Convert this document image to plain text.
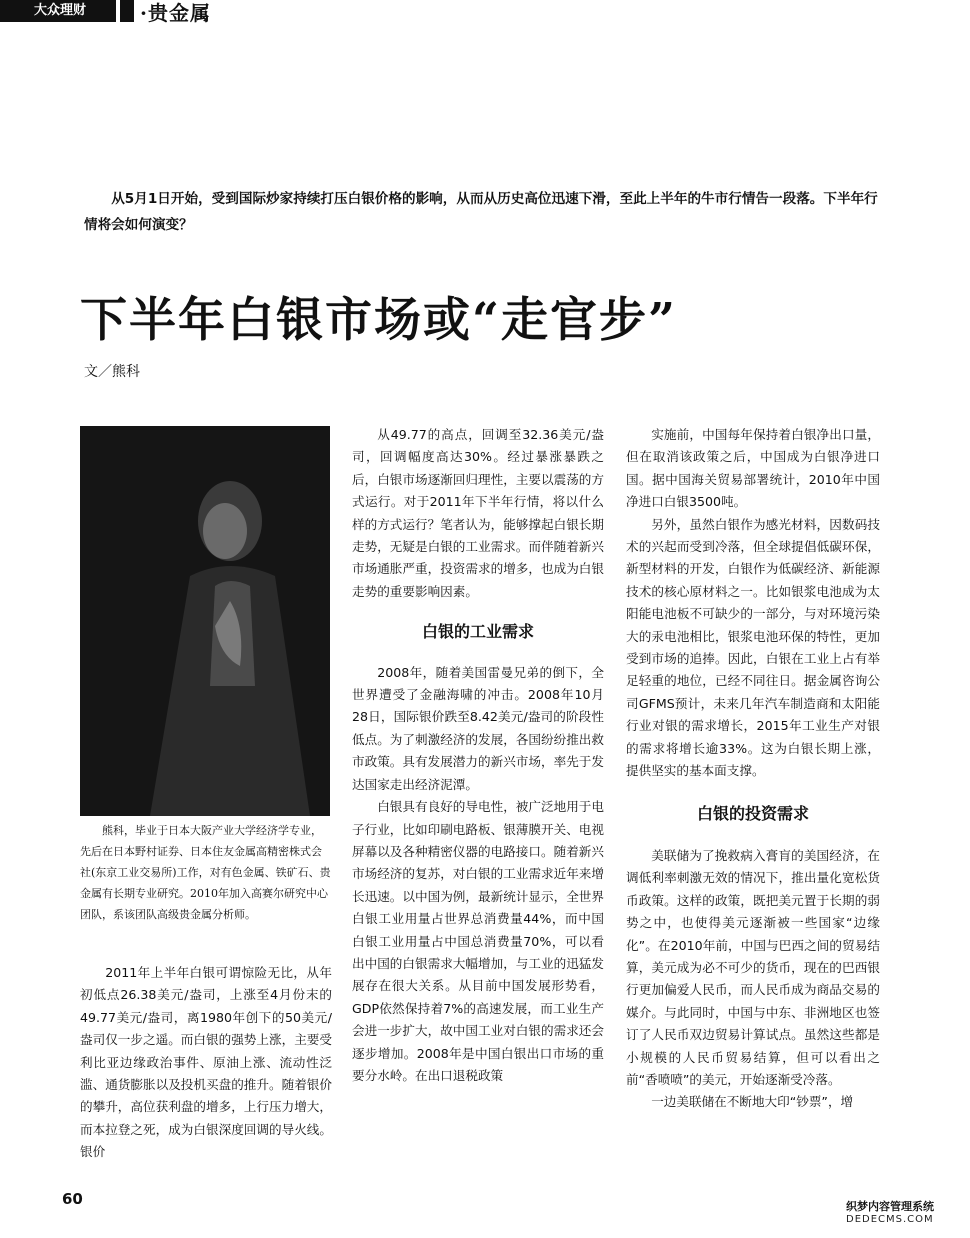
大众理财	·贵金属

从5月1日开始，受到国际炒家持续打压白银价格的影响，从而从历史高位迅速下滑，至此上半年的牛市行情告一段落。下半年行情将会如何演变？

下半年白银市场或“走官步”
文／熊科

熊科，毕业于日本大阪产业大学经济学专业，先后在日本野村证券、日本住友金属高精密株式会社(东京工业交易所)工作，对有色金属、铁矿石、贵金属有长期专业研究。2010年加入高赛尔研究中心团队，系该团队高级贵金属分析师。

2011年上半年白银可谓惊险无比，从年初低点26.38美元/盎司，上涨至4月份末的49.77美元/盎司，离1980年创下的50美元/盎司仅一步之遥。而白银的强势上涨，主要受利比亚边缘政治事件、原油上涨、流动性泛滥、通货膨胀以及投机买盘的推升。随着银价的攀升，高位获利盘的增多，上行压力增大，而本拉登之死，成为白银深度回调的导火线。银价

从49.77的高点，回调至32.36美元/盎司，回调幅度高达30%。经过暴涨暴跌之后，白银市场逐渐回归理性，主要以震荡的方式运行。对于2011年下半年行情，将以什么样的方式运行？笔者认为，能够撑起白银长期走势，无疑是白银的工业需求。而伴随着新兴市场通胀严重，投资需求的增多，也成为白银走势的重要影响因素。

白银的工业需求

2008年，随着美国雷曼兄弟的倒下，全世界遭受了金融海啸的冲击。2008年10月28日，国际银价跌至8.42美元/盎司的阶段性低点。为了刺激经济的发展，各国纷纷推出救市政策。具有发展潜力的新兴市场，率先于发达国家走出经济泥潭。

白银具有良好的导电性，被广泛地用于电子行业，比如印刷电路板、银薄膜开关、电视屏幕以及各种精密仪器的电路接口。随着新兴市场经济的复苏，对白银的工业需求近年来增长迅速。以中国为例，最新统计显示，全世界白银工业用量占世界总消费量44%，而中国白银工业用量占中国总消费量70%，可以看出中国的白银需求大幅增加，与工业的迅猛发展存在很大关系。从目前中国发展形势看，GDP依然保持着7%的高速发展，而工业生产会进一步扩大，故中国工业对白银的需求还会逐步增加。2008年是中国白银出口市场的重要分水岭。在出口退税政策

实施前，中国每年保持着白银净出口量，但在取消该政策之后，中国成为白银净进口国。据中国海关贸易部署统计，2010年中国净进口白银3500吨。

另外，虽然白银作为感光材料，因数码技术的兴起而受到冷落，但全球提倡低碳环保，新型材料的开发，白银作为低碳经济、新能源技术的核心原材料之一。比如银浆电池成为太阳能电池板不可缺少的一部分，与对环境污染大的汞电池相比，银浆电池环保的特性，更加受到市场的追捧。因此，白银在工业上占有举足轻重的地位，已经不同往日。据金属咨询公司GFMS预计，未来几年汽车制造商和太阳能行业对银的需求增长，2015年工业生产对银的需求将增长逾33%。这为白银长期上涨，提供坚实的基本面支撑。

白银的投资需求

美联储为了挽救病入膏肓的美国经济，在调低利率刺激无效的情况下，推出量化宽松货币政策。这样的政策，既把美元置于长期的弱势之中，也使得美元逐渐被一些国家“边缘化”。在2010年前，中国与巴西之间的贸易结算，美元成为必不可少的货币，现在的巴西银行更加偏爱人民币，而人民币成为商品交易的媒介。与此同时，中国与中东、非洲地区也签订了人民币双边贸易计算试点。虽然这些都是小规模的人民币贸易结算，但可以看出之前“香喷喷”的美元，开始逐渐受冷落。

一边美联储在不断地大印“钞票”，增

60	织梦内容管理系统
DEDECMS.COM
